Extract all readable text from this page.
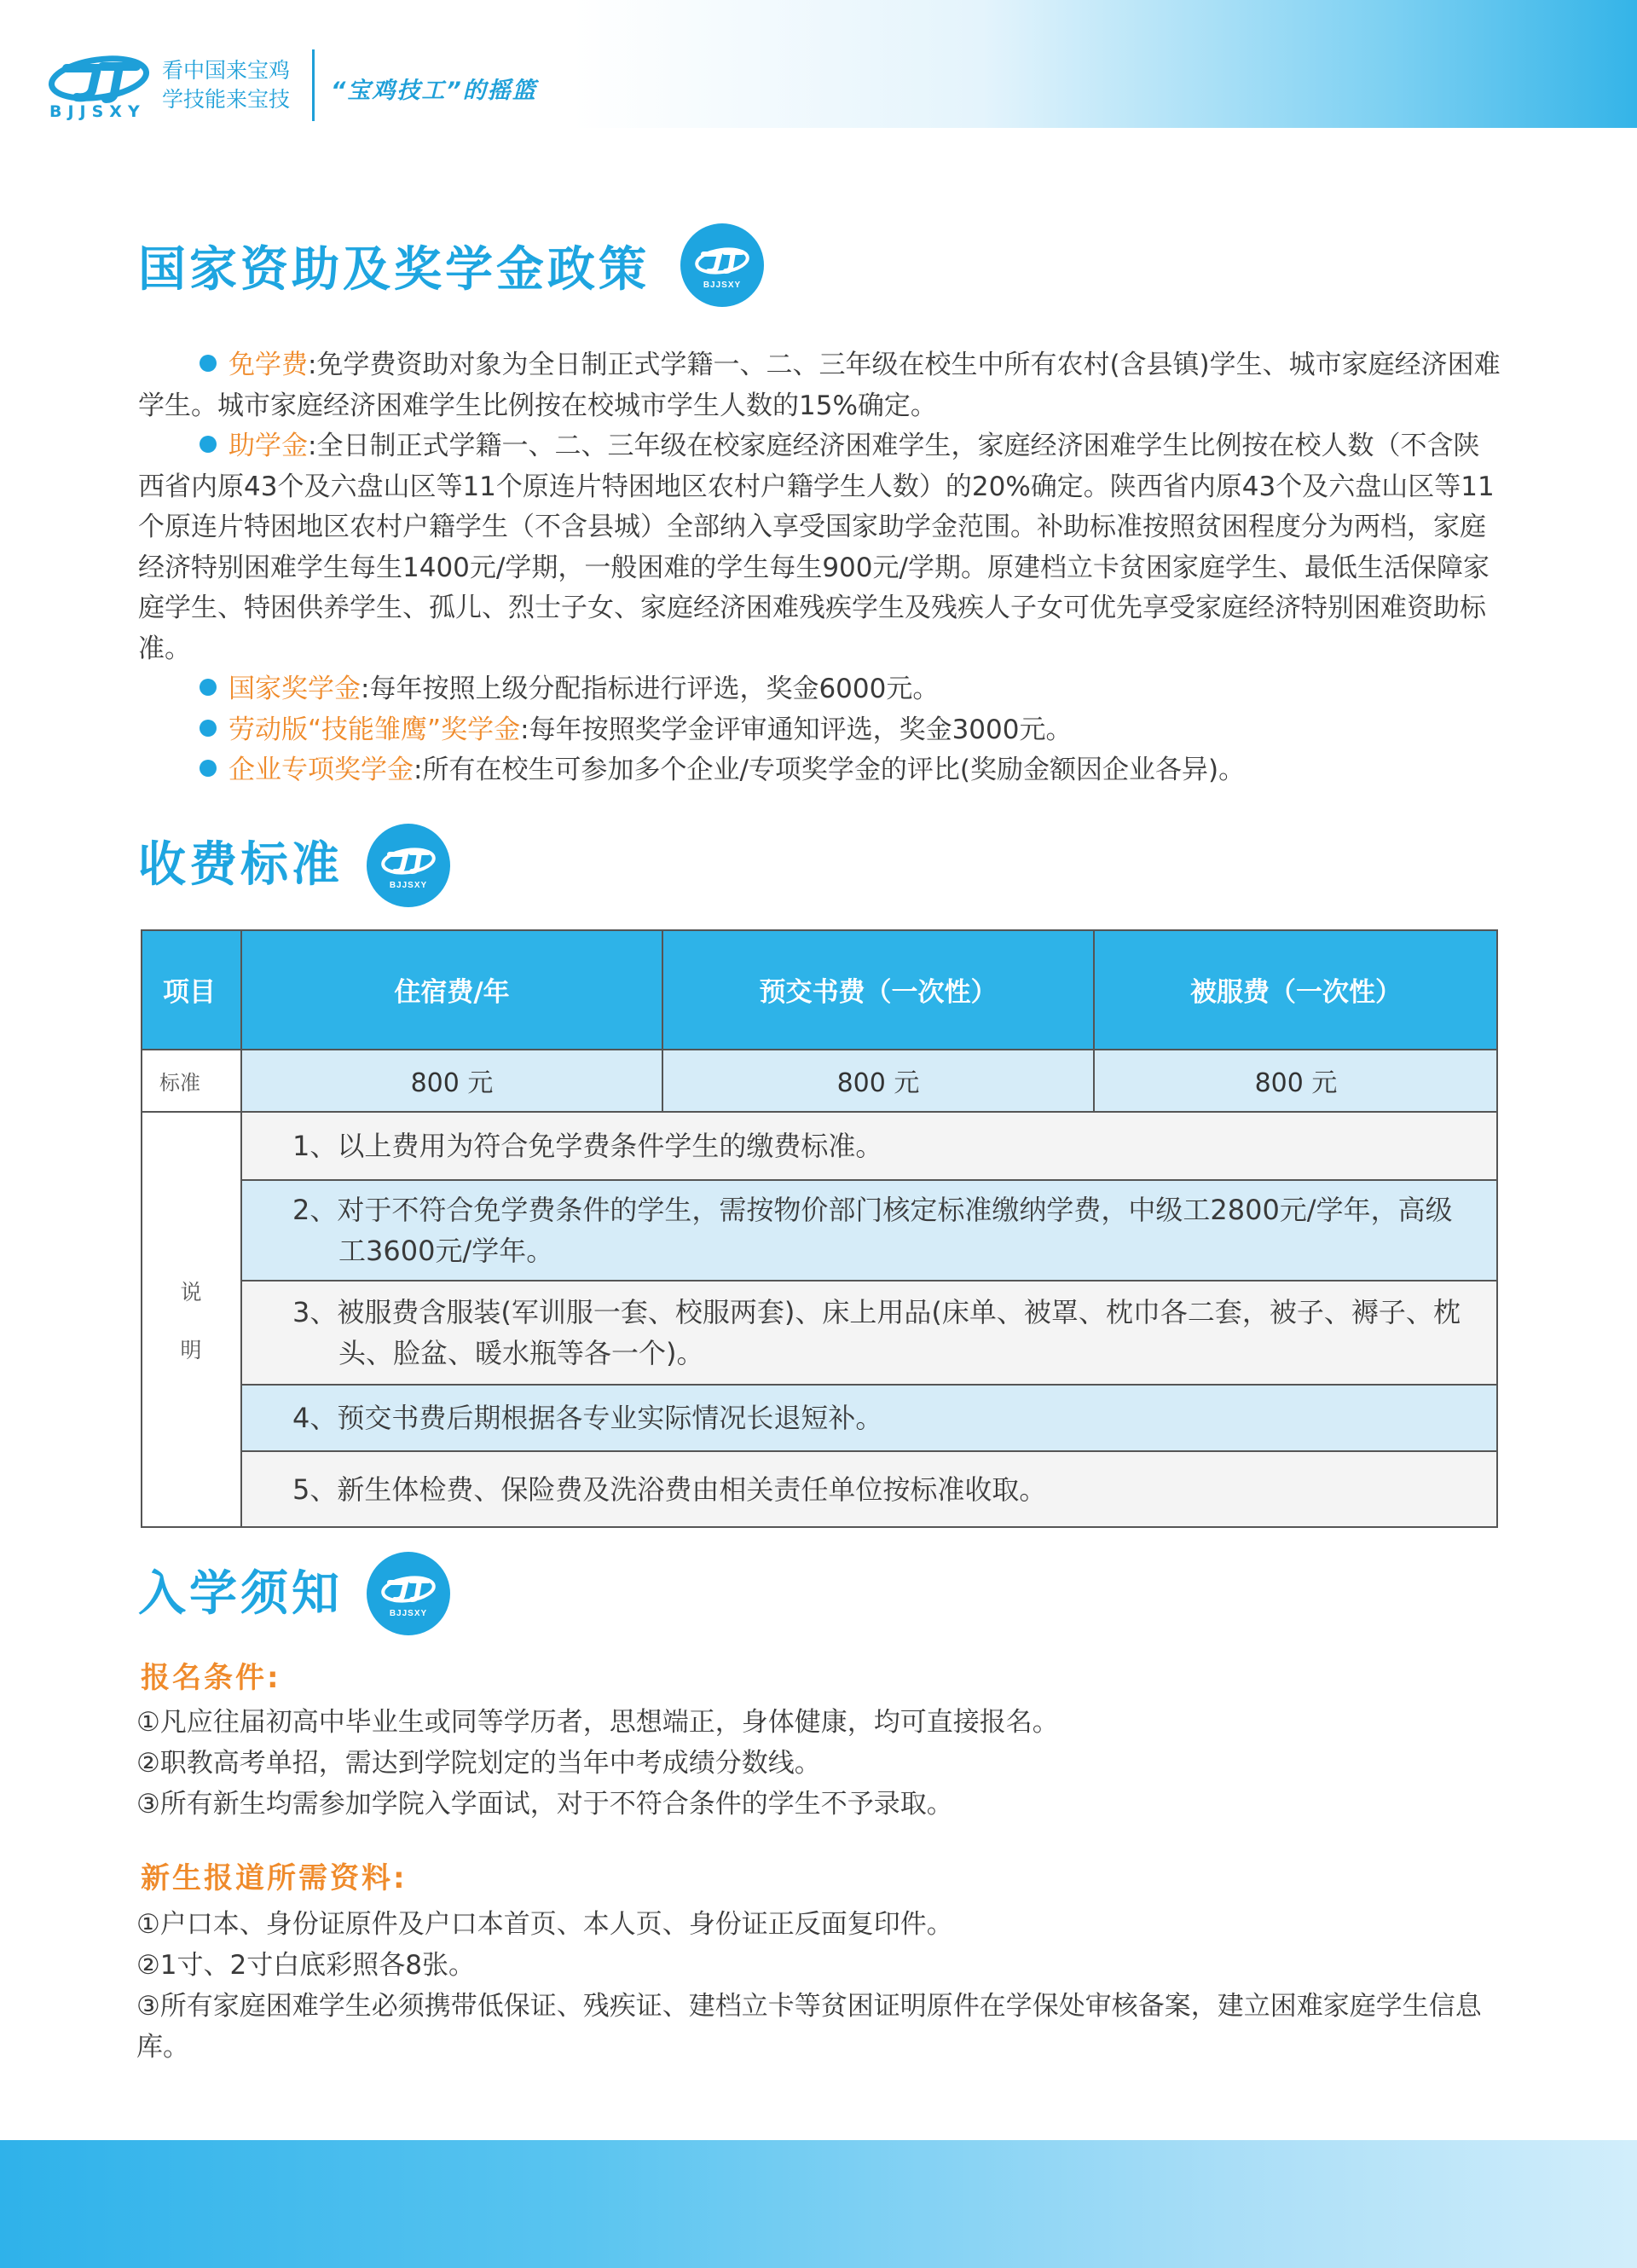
BJJSXY
看中国来宝鸡
学技能来宝技 “宝鸡技工”的摇篮
国家资助及奖学金政策	BJJSXY
免学费:免学费资助对象为全日制正式学籍一、二、三年级在校生中所有农村(含县镇)学生、城市家庭经济困难学生。城市家庭经济困难学生比例按在校城市学生人数的15%确定。
助学金:全日制正式学籍一、二、三年级在校家庭经济困难学生，家庭经济困难学生比例按在校人数（不含陕西省内原43个及六盘山区等11个原连片特困地区农村户籍学生人数）的20%确定。陕西省内原43个及六盘山区等11个原连片特困地区农村户籍学生（不含县城）全部纳入享受国家助学金范围。补助标准按照贫困程度分为两档，家庭经济特别困难学生每生1400元/学期，一般困难的学生每生900元/学期。原建档立卡贫困家庭学生、最低生活保障家庭学生、特困供养学生、孤儿、烈士子女、家庭经济困难残疾学生及残疾人子女可优先享受家庭经济特别困难资助标准。
国家奖学金:每年按照上级分配指标进行评选，奖金6000元。
劳动版“技能雏鹰”奖学金:每年按照奖学金评审通知评选，奖金3000元。
企业专项奖学金:所有在校生可参加多个企业/专项奖学金的评比(奖励金额因企业各异)。
收费标准	BJJSXY
项目	住宿费/年	预交书费（一次性）	被服费（一次性）
标准	800 元	800 元	800 元
说
明
1、以上费用为符合免学费条件学生的缴费标准。
2、对于不符合免学费条件的学生，需按物价部门核定标准缴纳学费，中级工2800元/学年，高级工3600元/学年。
3、被服费含服装(军训服一套、校服两套)、床上用品(床单、被罩、枕巾各二套，被子、褥子、枕头、脸盆、暖水瓶等各一个)。
4、预交书费后期根据各专业实际情况长退短补。
5、新生体检费、保险费及洗浴费由相关责任单位按标准收取。
入学须知	BJJSXY
报名条件:
①凡应往届初高中毕业生或同等学历者，思想端正，身体健康，均可直接报名。
②职教高考单招，需达到学院划定的当年中考成绩分数线。
③所有新生均需参加学院入学面试，对于不符合条件的学生不予录取。
新生报道所需资料:
①户口本、身份证原件及户口本首页、本人页、身份证正反面复印件。
②1寸、2寸白底彩照各8张。
③所有家庭困难学生必须携带低保证、残疾证、建档立卡等贫困证明原件在学保处审核备案，建立困难家庭学生信息库。
